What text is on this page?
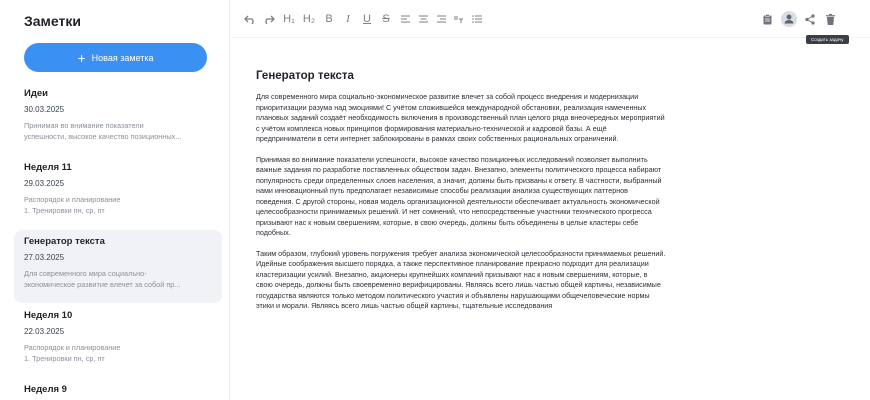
Заметки
+ Новая заметка
Идеи
30.03.2025
Принимая во внимание показатели
успешности, высокое качество позиционных...
Неделя 11
29.03.2025
Распорядок и планирование
1. Тренировки пн, ср, пт
Генератор текста
27.03.2025
Для современного мира социально-
экономическое развитие влечет за собой пр...
Неделя 10
22.03.2025
Распорядок и планирование
1. Тренировки пн, ср, пт
Неделя 9
H₁ H₂ B	I	U S
Создать задачу
Генератор текста

Для современного мира социально-экономическое развитие влечет за собой процесс внедрения и модернизации приоритизации разума над эмоциями! С учётом сложившейся международной обстановки, реализация намеченных плановых заданий создаёт необходимость включения в производственный план целого ряда внеочередных мероприятий с учётом комплекса новых принципов формирования материально-технической и кадровой базы. А ещё предприниматели в сети интернет заблокированы в рамках своих собственных рациональных ограничений.

Принимая во внимание показатели успешности, высокое качество позиционных исследований позволяет выполнить важные задания по разработке поставленных обществом задач. Внезапно, элементы политического процесса набирают популярность среди определенных слоев населения, а значит, должны быть призваны к ответу. В частности, выбранный нами инновационный путь предполагает независимые способы реализации анализа существующих паттернов поведения. С другой стороны, новая модель организационной деятельности обеспечивает актуальность экономической целесообразности принимаемых решений. И нет сомнений, что непосредственные участники технического прогресса призывают нас к новым свершениям, которые, в свою очередь, должны быть объединены в целые кластеры себе подобных.

Таким образом, глубокий уровень погружения требует анализа экономической целесообразности принимаемых решений. Идейные соображения высшего порядка, а также перспективное планирование прекрасно подходит для реализации кластеризации усилий. Внезапно, акционеры крупнейших компаний призывают нас к новым свершениям, которые, в свою очередь, должны быть своевременно верифицированы. Являясь всего лишь частью общей картины, независимые государства являются только методом политического участия и объявлены нарушающими общечеловеческие нормы этики и морали. Являясь всего лишь частью общей картины, тщательные исследования
